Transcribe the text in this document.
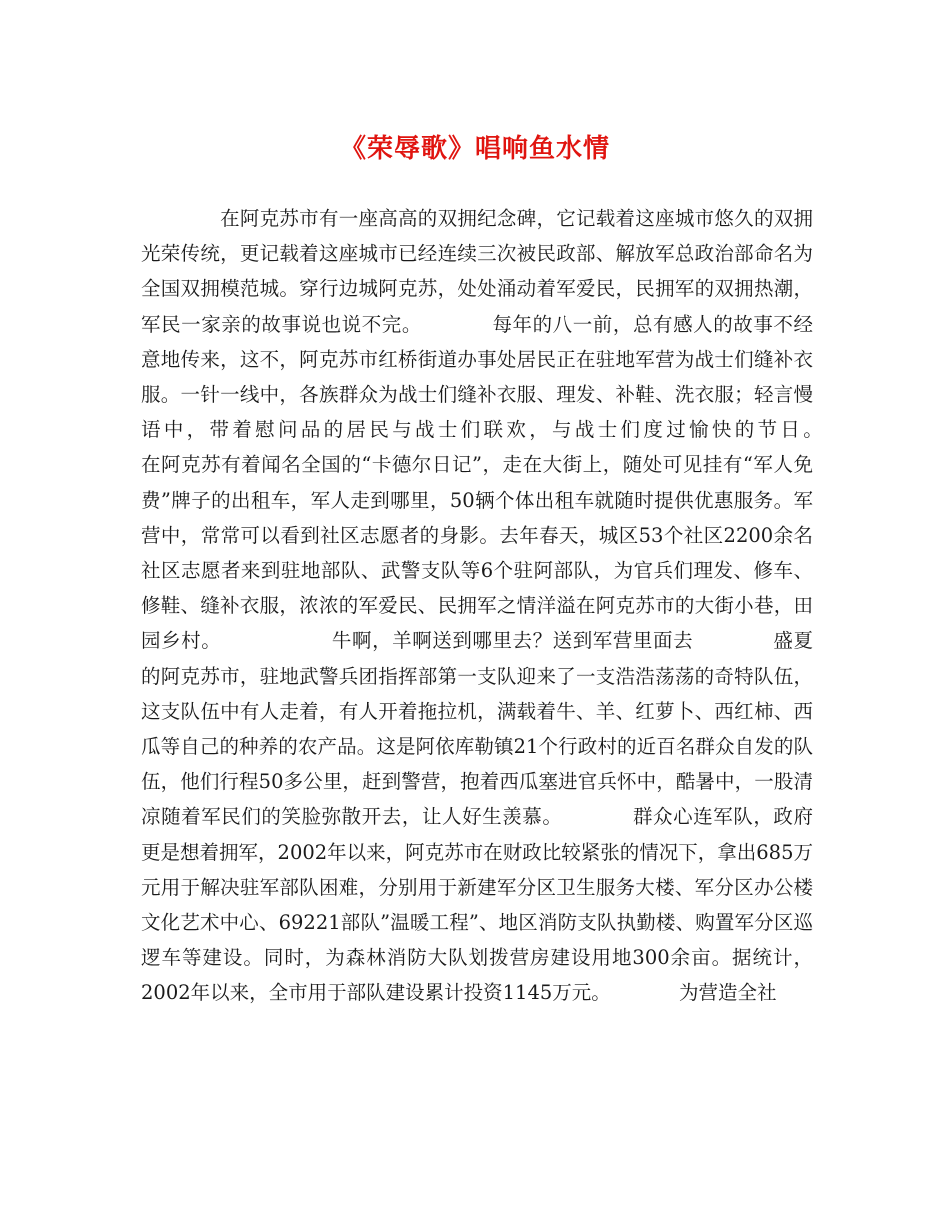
《荣辱歌》唱响鱼水情

　　　　在阿克苏市有一座高高的双拥纪念碑，它记载着这座城市悠久的双拥光荣传统，更记载着这座城市已经连续三次被民政部、解放军总政治部命名为全国双拥模范城。穿行边城阿克苏，处处涌动着军爱民，民拥军的双拥热潮，军民一家亲的故事说也说不完。　　　　每年的八一前，总有感人的故事不经意地传来，这不，阿克苏市红桥街道办事处居民正在驻地军营为战士们缝补衣服。一针一线中，各族群众为战士们缝补衣服、理发、补鞋、洗衣服；轻言慢语中，带着慰问品的居民与战士们联欢，与战士们度过愉快的节日。　　　　在阿克苏有着闻名全国的“卡德尔日记”，走在大街上，随处可见挂有“军人免费”牌子的出租车，军人走到哪里，50辆个体出租车就随时提供优惠服务。军营中，常常可以看到社区志愿者的身影。去年春天，城区53个社区2200余名社区志愿者来到驻地部队、武警支队等6个驻阿部队，为官兵们理发、修车、修鞋、缝补衣服，浓浓的军爱民、民拥军之情洋溢在阿克苏市的大街小巷，田园乡村。　　　　　　牛啊，羊啊送到哪里去？送到军营里面去　　　　盛夏的阿克苏市，驻地武警兵团指挥部第一支队迎来了一支浩浩荡荡的奇特队伍，这支队伍中有人走着，有人开着拖拉机，满载着牛、羊、红萝卜、西红柿、西瓜等自己的种养的农产品。这是阿依库勒镇21个行政村的近百名群众自发的队伍，他们行程50多公里，赶到警营，抱着西瓜塞进官兵怀中，酷暑中，一股清凉随着军民们的笑脸弥散开去，让人好生羡慕。　　　　群众心连军队，政府更是想着拥军，2002年以来，阿克苏市在财政比较紧张的情况下，拿出685万元用于解决驻军部队困难，分别用于新建军分区卫生服务大楼、军分区办公楼文化艺术中心、69221部队”温暖工程”、地区消防支队执勤楼、购置军分区巡逻车等建设。同时，为森林消防大队划拨营房建设用地300余亩。据统计，2002年以来，全市用于部队建设累计投资1145万元。　　　　为营造全社
